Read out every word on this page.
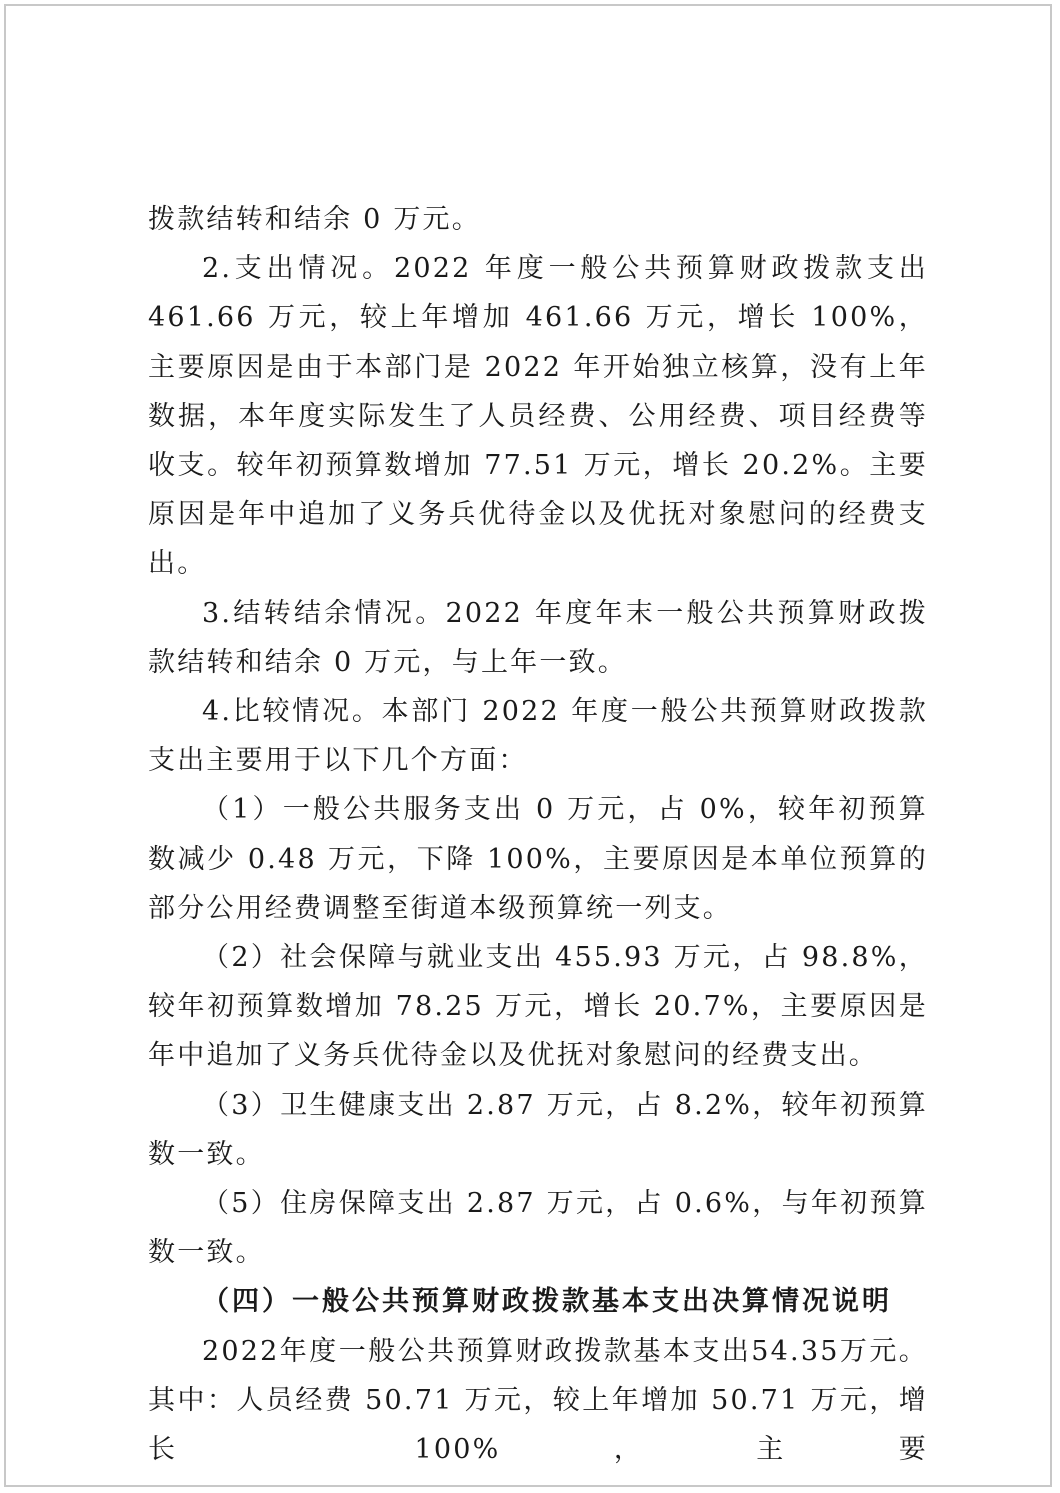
拨款结转和结余 0 万元。

2.支出情况。2022 年度一般公共预算财政拨款支出 461.66 万元，较上年增加 461.66 万元，增长 100%，主要原因是由于本部门是 2022 年开始独立核算，没有上年数据，本年度实际发生了人员经费、公用经费、项目经费等收支。较年初预算数增加 77.51 万元，增长 20.2%。主要原因是年中追加了义务兵优待金以及优抚对象慰问的经费支出。

3.结转结余情况。2022 年度年末一般公共预算财政拨款结转和结余 0 万元，与上年一致。

4.比较情况。本部门 2022 年度一般公共预算财政拨款支出主要用于以下几个方面：

（1）一般公共服务支出 0 万元，占 0%，较年初预算数减少 0.48 万元，下降 100%，主要原因是本单位预算的部分公用经费调整至街道本级预算统一列支。

（2）社会保障与就业支出 455.93 万元，占 98.8%，较年初预算数增加 78.25 万元，增长 20.7%，主要原因是年中追加了义务兵优待金以及优抚对象慰问的经费支出。

（3）卫生健康支出 2.87 万元，占 8.2%，较年初预算数一致。

（5）住房保障支出 2.87 万元，占 0.6%，与年初预算数一致。

（四）一般公共预算财政拨款基本支出决算情况说明

2022年度一般公共预算财政拨款基本支出54.35万元。其中：人员经费 50.71 万元，较上年增加 50.71 万元，增长 100%，主要
